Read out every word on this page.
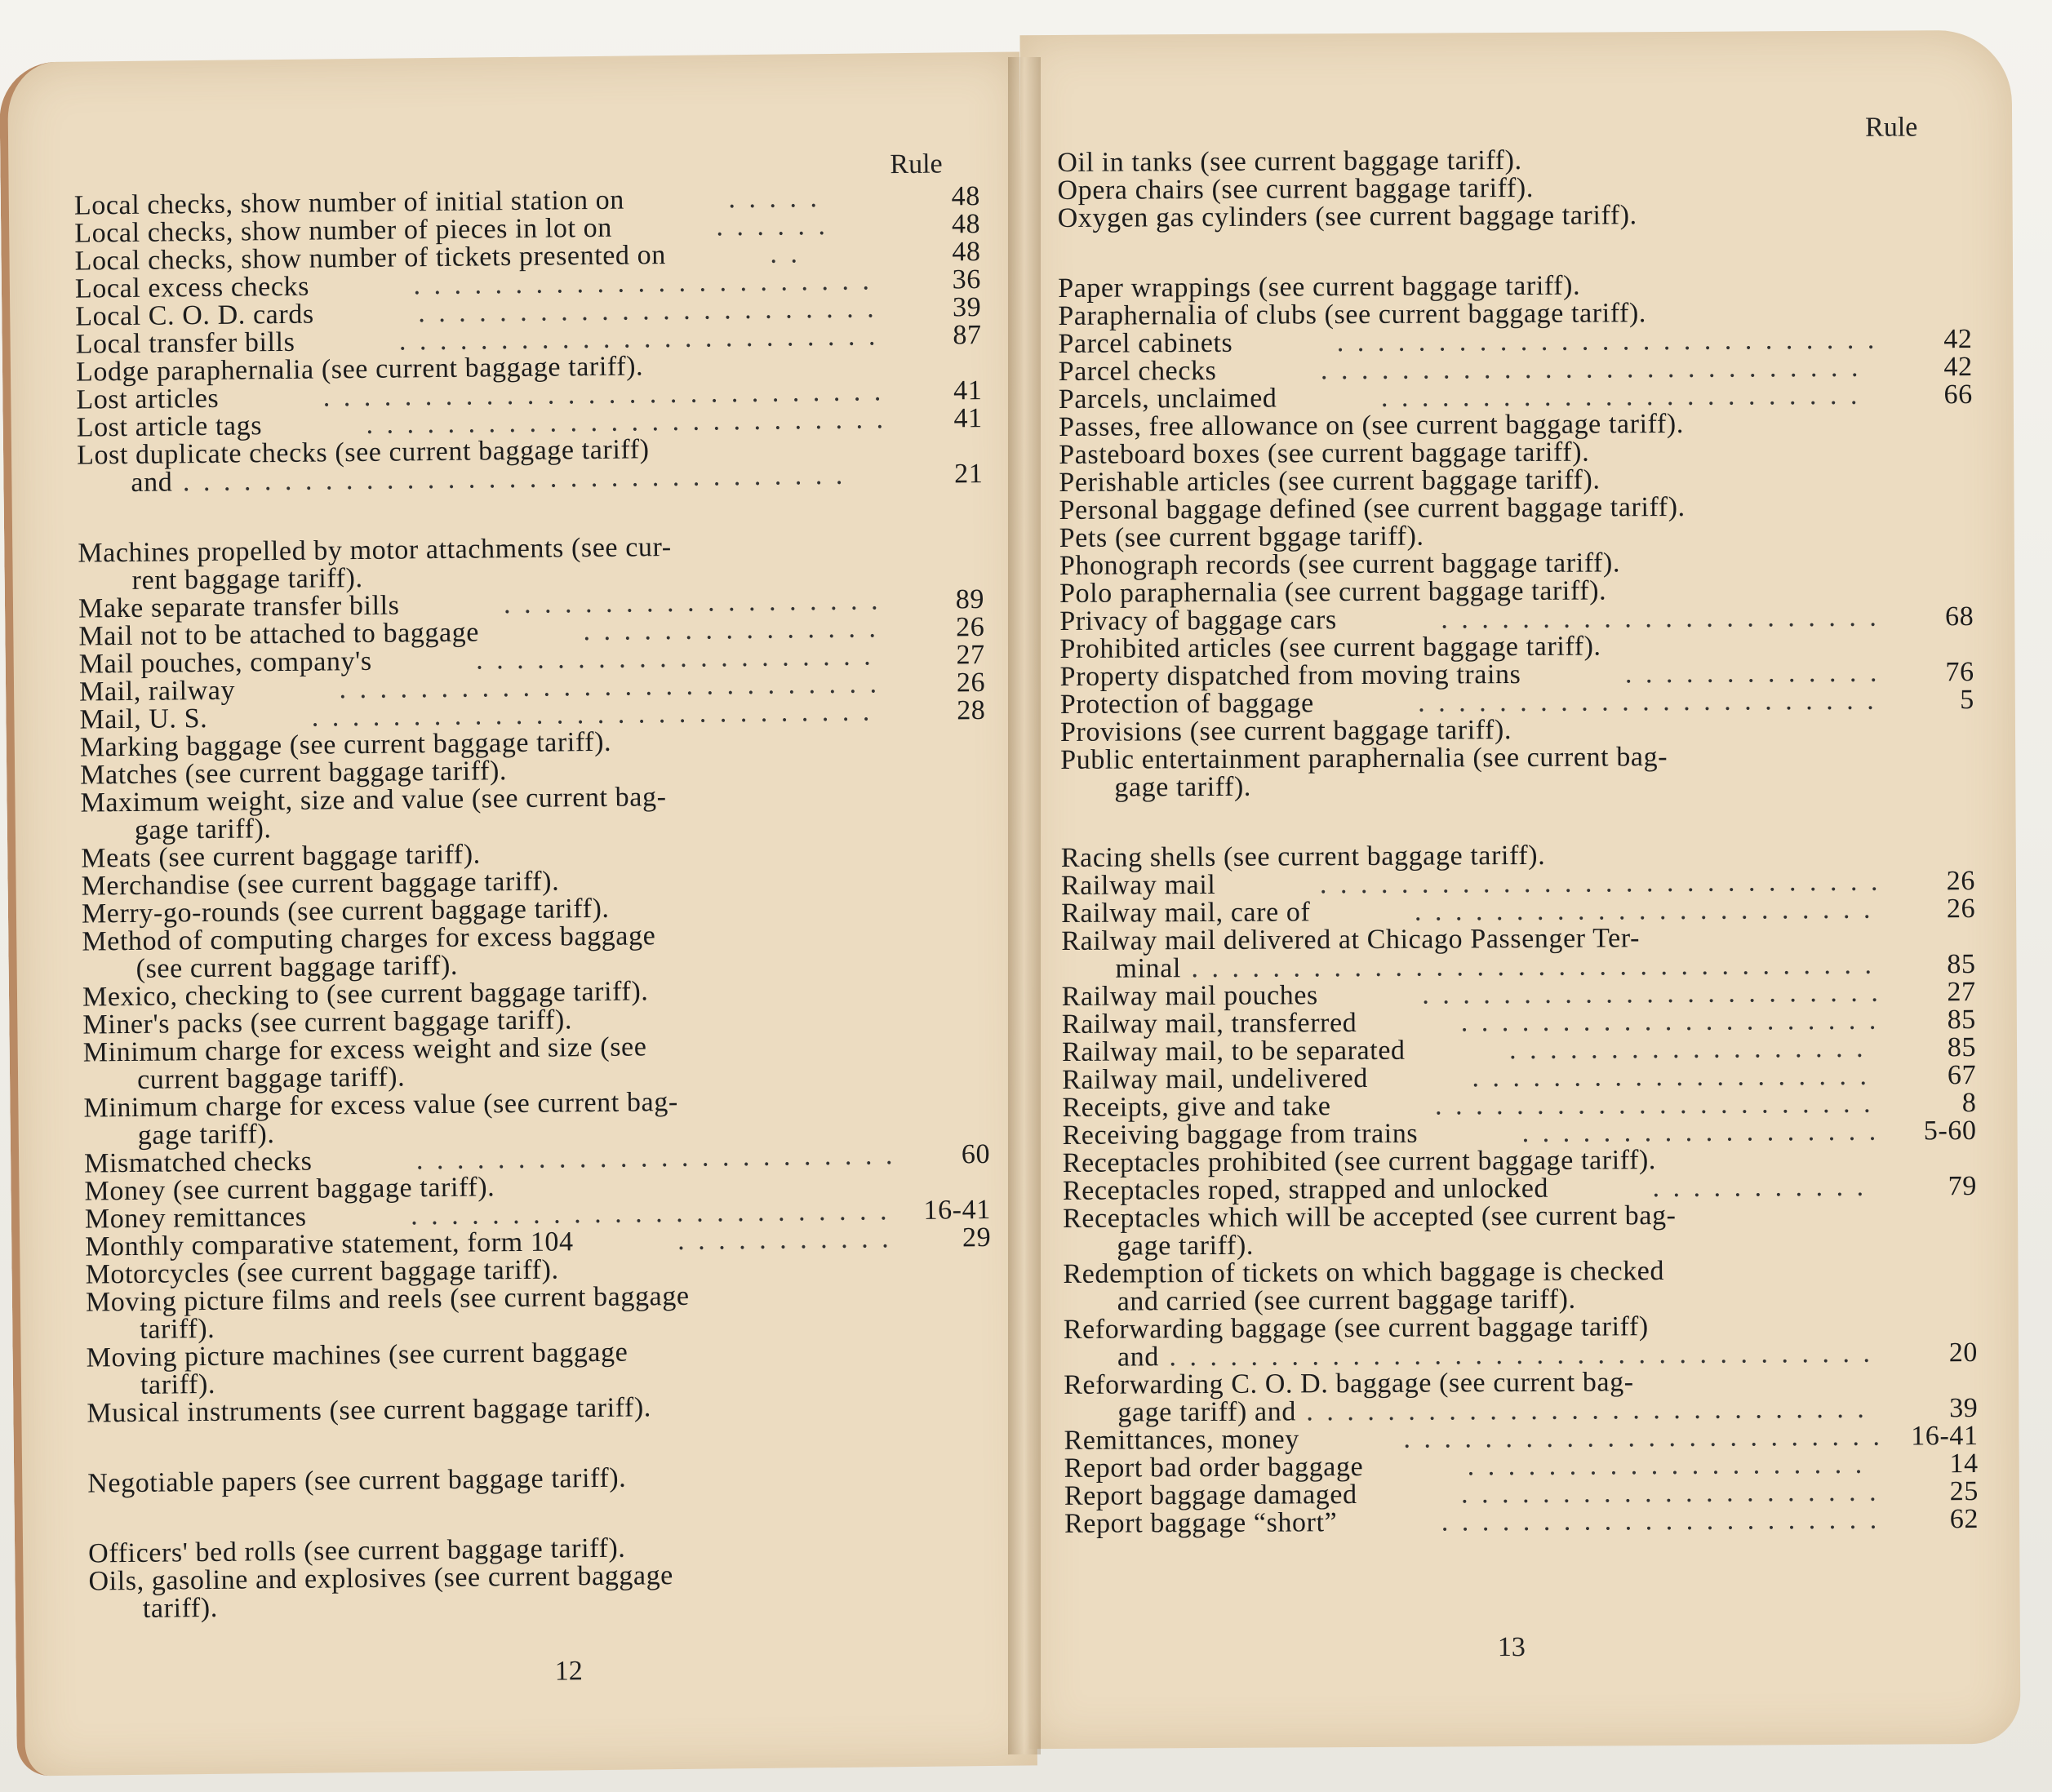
Rule
Local checks, show number of initial station on	. . . . .	48
Local checks, show number of pieces in lot on	. . . . . .	48
Local checks, show number of tickets presented on	. .	48
Local excess checks	. . . . . . . . . . . . . . . . . . . . . . .	36
Local C. O. D. cards	. . . . . . . . . . . . . . . . . . . . . . .	39
Local transfer bills	. . . . . . . . . . . . . . . . . . . . . . . .	87
Lodge paraphernalia (see current baggage tariff).
Lost articles	. . . . . . . . . . . . . . . . . . . . . . . . . . . .	41
Lost article tags	. . . . . . . . . . . . . . . . . . . . . . . . . .	41
Lost duplicate checks (see current baggage tariff)
and . . . . . . . . . . . . . . . . . . . . . . . . . . . . . . . . .	21
Machines propelled by motor attachments (see cur-
rent baggage tariff).
Make separate transfer bills	. . . . . . . . . . . . . . . . . . .	89
Mail not to be attached to baggage	. . . . . . . . . . . . . . .	26
Mail pouches, company's	. . . . . . . . . . . . . . . . . . . .	27
Mail, railway	. . . . . . . . . . . . . . . . . . . . . . . . . . .	26
Mail, U. S.	. . . . . . . . . . . . . . . . . . . . . . . . . . . .	28
Marking baggage (see current baggage tariff).
Matches (see current baggage tariff).
Maximum weight, size and value (see current bag-
gage tariff).
Meats (see current baggage tariff).
Merchandise (see current baggage tariff).
Merry-go-rounds (see current baggage tariff).
Method of computing charges for excess baggage
(see current baggage tariff).
Mexico, checking to (see current baggage tariff).
Miner's packs (see current baggage tariff).
Minimum charge for excess weight and size (see
current baggage tariff).
Minimum charge for excess value (see current bag-
gage tariff).
Mismatched checks	. . . . . . . . . . . . . . . . . . . . . . . .	60
Money (see current baggage tariff).
Money remittances	. . . . . . . . . . . . . . . . . . . . . . . .	16-41
Monthly comparative statement, form 104	. . . . . . . . . . .	29
Motorcycles (see current baggage tariff).
Moving picture films and reels (see current baggage
tariff).
Moving picture machines (see current baggage
tariff).
Musical instruments (see current baggage tariff).
Negotiable papers (see current baggage tariff).
Officers' bed rolls (see current baggage tariff).
Oils, gasoline and explosives (see current baggage
tariff).
12
Rule
Oil in tanks (see current baggage tariff).
Opera chairs (see current baggage tariff).
Oxygen gas cylinders (see current baggage tariff).
Paper wrappings (see current baggage tariff).
Paraphernalia of clubs (see current baggage tariff).
Parcel cabinets	. . . . . . . . . . . . . . . . . . . . . . . . . . .	42
Parcel checks	. . . . . . . . . . . . . . . . . . . . . . . . . . .	42
Parcels, unclaimed	. . . . . . . . . . . . . . . . . . . . . . . .	66
Passes, free allowance on (see current baggage tariff).
Pasteboard boxes (see current baggage tariff).
Perishable articles (see current baggage tariff).
Personal baggage defined (see current baggage tariff).
Pets (see current bggage tariff).
Phonograph records (see current baggage tariff).
Polo paraphernalia (see current baggage tariff).
Privacy of baggage cars	. . . . . . . . . . . . . . . . . . . . . .	68
Prohibited articles (see current baggage tariff).
Property dispatched from moving trains	. . . . . . . . . . . . .	76
Protection of baggage	. . . . . . . . . . . . . . . . . . . . . . .	5
Provisions (see current baggage tariff).
Public entertainment paraphernalia (see current bag-
gage tariff).
Racing shells (see current baggage tariff).
Railway mail	. . . . . . . . . . . . . . . . . . . . . . . . . . . .	26
Railway mail, care of	. . . . . . . . . . . . . . . . . . . . . . .	26
Railway mail delivered at Chicago Passenger Ter-
minal . . . . . . . . . . . . . . . . . . . . . . . . . . . . . . . . . .	85
Railway mail pouches	. . . . . . . . . . . . . . . . . . . . . . .	27
Railway mail, transferred	. . . . . . . . . . . . . . . . . . . . .	85
Railway mail, to be separated	. . . . . . . . . . . . . . . . . .	85
Railway mail, undelivered	. . . . . . . . . . . . . . . . . . . .	67
Receipts, give and take	. . . . . . . . . . . . . . . . . . . . . .	8
Receiving baggage from trains	. . . . . . . . . . . . . . . . . .	5-60
Receptacles prohibited (see current baggage tariff).
Receptacles roped, strapped and unlocked	. . . . . . . . . . .	79
Receptacles which will be accepted (see current bag-
gage tariff).
Redemption of tickets on which baggage is checked
and carried (see current baggage tariff).
Reforwarding baggage (see current baggage tariff)
and . . . . . . . . . . . . . . . . . . . . . . . . . . . . . . . . . . .	20
Reforwarding C. O. D. baggage (see current bag-
gage tariff) and . . . . . . . . . . . . . . . . . . . . . . . . . . . .	39
Remittances, money	. . . . . . . . . . . . . . . . . . . . . . . .	16-41
Report bad order baggage	. . . . . . . . . . . . . . . . . . . .	14
Report baggage damaged	. . . . . . . . . . . . . . . . . . . . .	25
Report baggage “short”	. . . . . . . . . . . . . . . . . . . . . .	62
13
